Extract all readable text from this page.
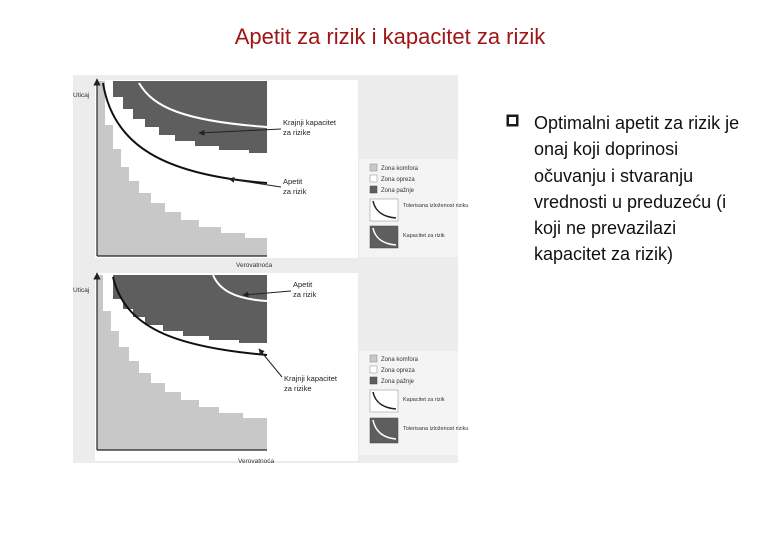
Apetit za rizik i kapacitet za rizik
Uticaj
Verovatnoća
Krajnji kapacitet
za rizike
Apetit
za rizik
Zona komfora
Zona opreza
Zona pažnje
Tolerisana izloženost riziku
Kapacitet za rizik
Uticaj
Verovatnoća
Apetit
za rizik
Krajnji kapacitet
za rizike
Zona komfora
Zona opreza
Zona pažnje
Kapacitet za rizik
Tolerisana izloženost riziku
Optimalni apetit za rizik je onaj koji doprinosi očuvanju i stvaranju vrednosti u preduzeću (i koji ne prevazilazi kapacitet za rizik)
